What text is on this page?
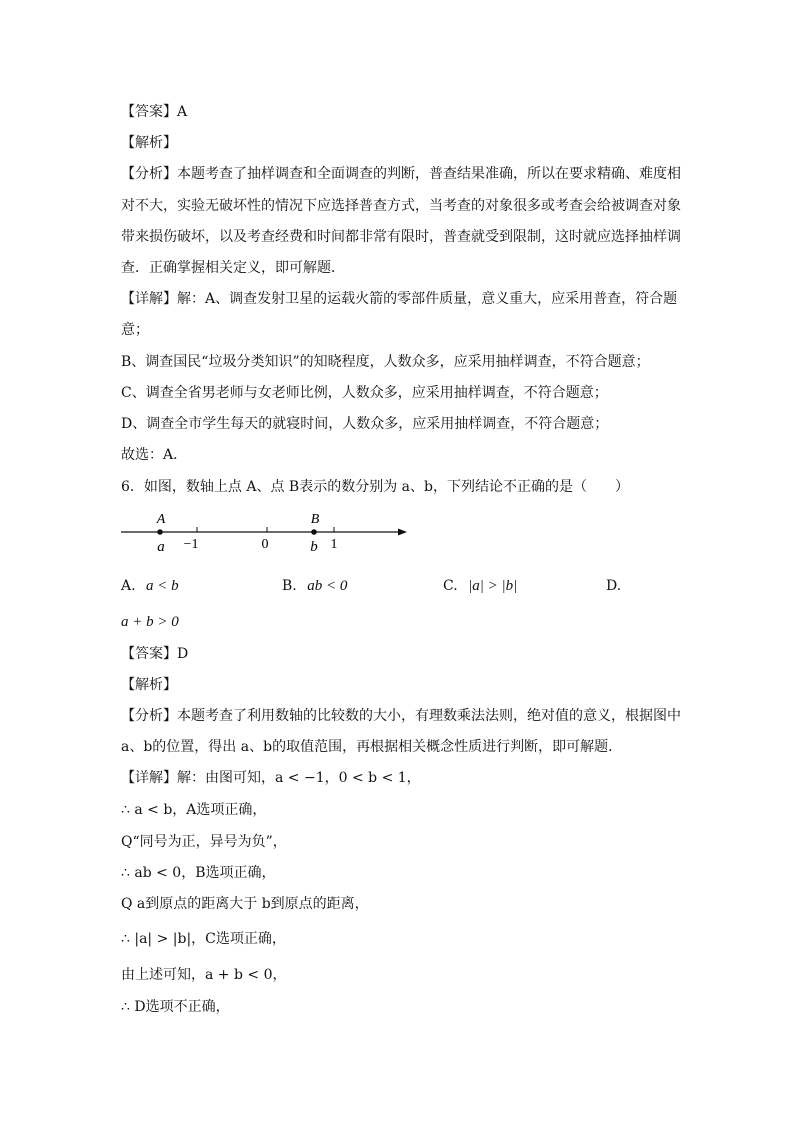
【答案】A
【解析】
【分析】本题考查了抽样调查和全面调查的判断，普查结果准确，所以在要求精确、难度相
对不大，实验无破坏性的情况下应选择普查方式，当考查的对象很多或考查会给被调查对象
带来损伤破坏，以及考查经费和时间都非常有限时，普查就受到限制，这时就应选择抽样调
查．正确掌握相关定义，即可解题．
【详解】解：A、调查发射卫星的运载火箭的零部件质量，意义重大，应采用普查，符合题
意；
B、调查国民“垃圾分类知识”的知晓程度，人数众多，应采用抽样调查，不符合题意；
C、调查全省男老师与女老师比例，人数众多，应采用抽样调查，不符合题意；
D、调查全市学生每天的就寝时间，人数众多，应采用抽样调查，不符合题意；
故选：A．
6．如图，数轴上点 A、点 B表示的数分别为 a、b，下列结论不正确的是（　　）
A
a
B
b
−1	0	1
A. a < b	B. ab < 0	C. |a| > |b|	D.
a + b > 0
【答案】D
【解析】
【分析】本题考查了利用数轴的比较数的大小，有理数乘法法则，绝对值的意义，根据图中
a、b的位置，得出 a、b的取值范围，再根据相关概念性质进行判断，即可解题．
【详解】解：由图可知，a < −1，0 < b < 1，
∴ a < b，A选项正确，
Q“同号为正，异号为负”，
∴ ab < 0，B选项正确，
Q a到原点的距离大于 b到原点的距离，
∴ |a| > |b|，C选项正确，
由上述可知，a + b < 0，
∴ D选项不正确，
